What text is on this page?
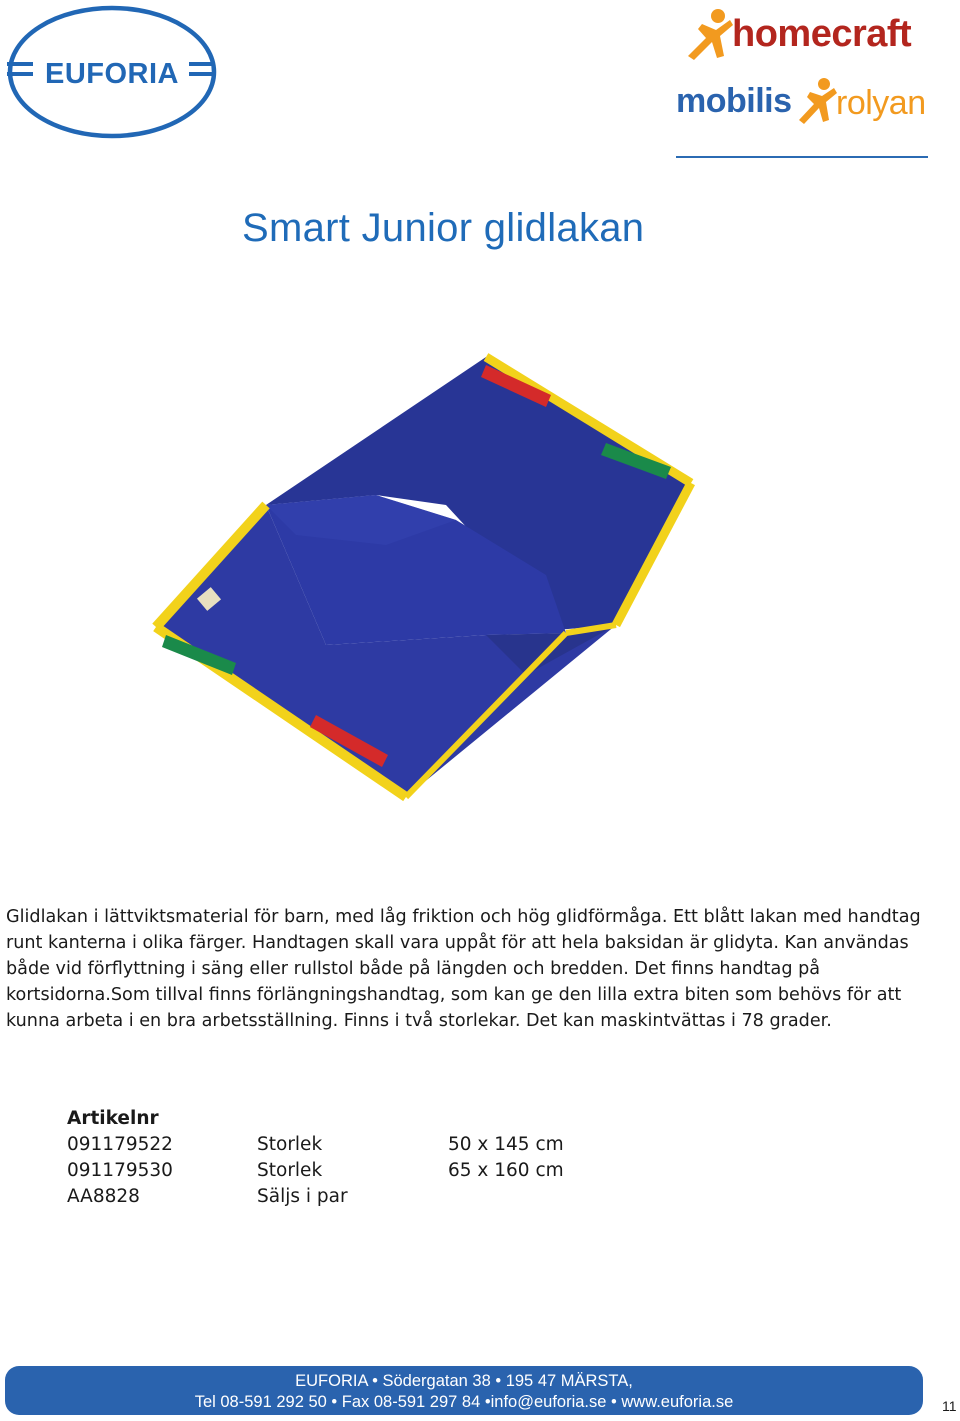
EUFORIA
homecraft
mobilis rolyan
Smart Junior glidlakan

Glidlakan i lättviktsmaterial för barn, med låg friktion och hög glidförmåga. Ett blått lakan med handtag runt kanterna i olika färger. Handtagen skall vara uppåt för att hela baksidan är glidyta. Kan användas både vid förflyttning i säng eller rullstol både på längden och bredden. Det finns handtag på kortsidorna.Som tillval finns förlängningshandtag, som kan ge den lilla extra biten som behövs för att kunna arbeta i en bra arbetsställning. Finns i två storlekar. Det kan maskintvättas i 78 grader.

Artikelnr
091179522	Storlek	50 x 145 cm
091179530	Storlek	65 x 160 cm
AA8828	Säljs i par
EUFORIA • Södergatan 38 • 195 47 MÄRSTA,
Tel 08-591 292 50 • Fax 08-591 297 84 •info@euforia.se • www.euforia.se	11
